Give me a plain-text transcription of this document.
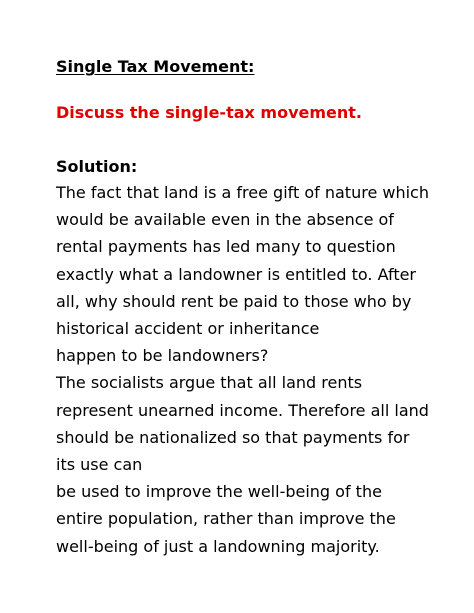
Single Tax Movement:

Discuss the single-tax movement.

Solution:

The fact that land is a free gift of nature which

would be available even in the absence of

rental payments has led many to question

exactly what a landowner is entitled to. After

all, why should rent be paid to those who by

historical accident or inheritance

happen to be landowners?

The socialists argue that all land rents

represent unearned income. Therefore all land

should be nationalized so that payments for

its use can

be used to improve the well-being of the

entire population, rather than improve the

well-being of just a landowning majority.
